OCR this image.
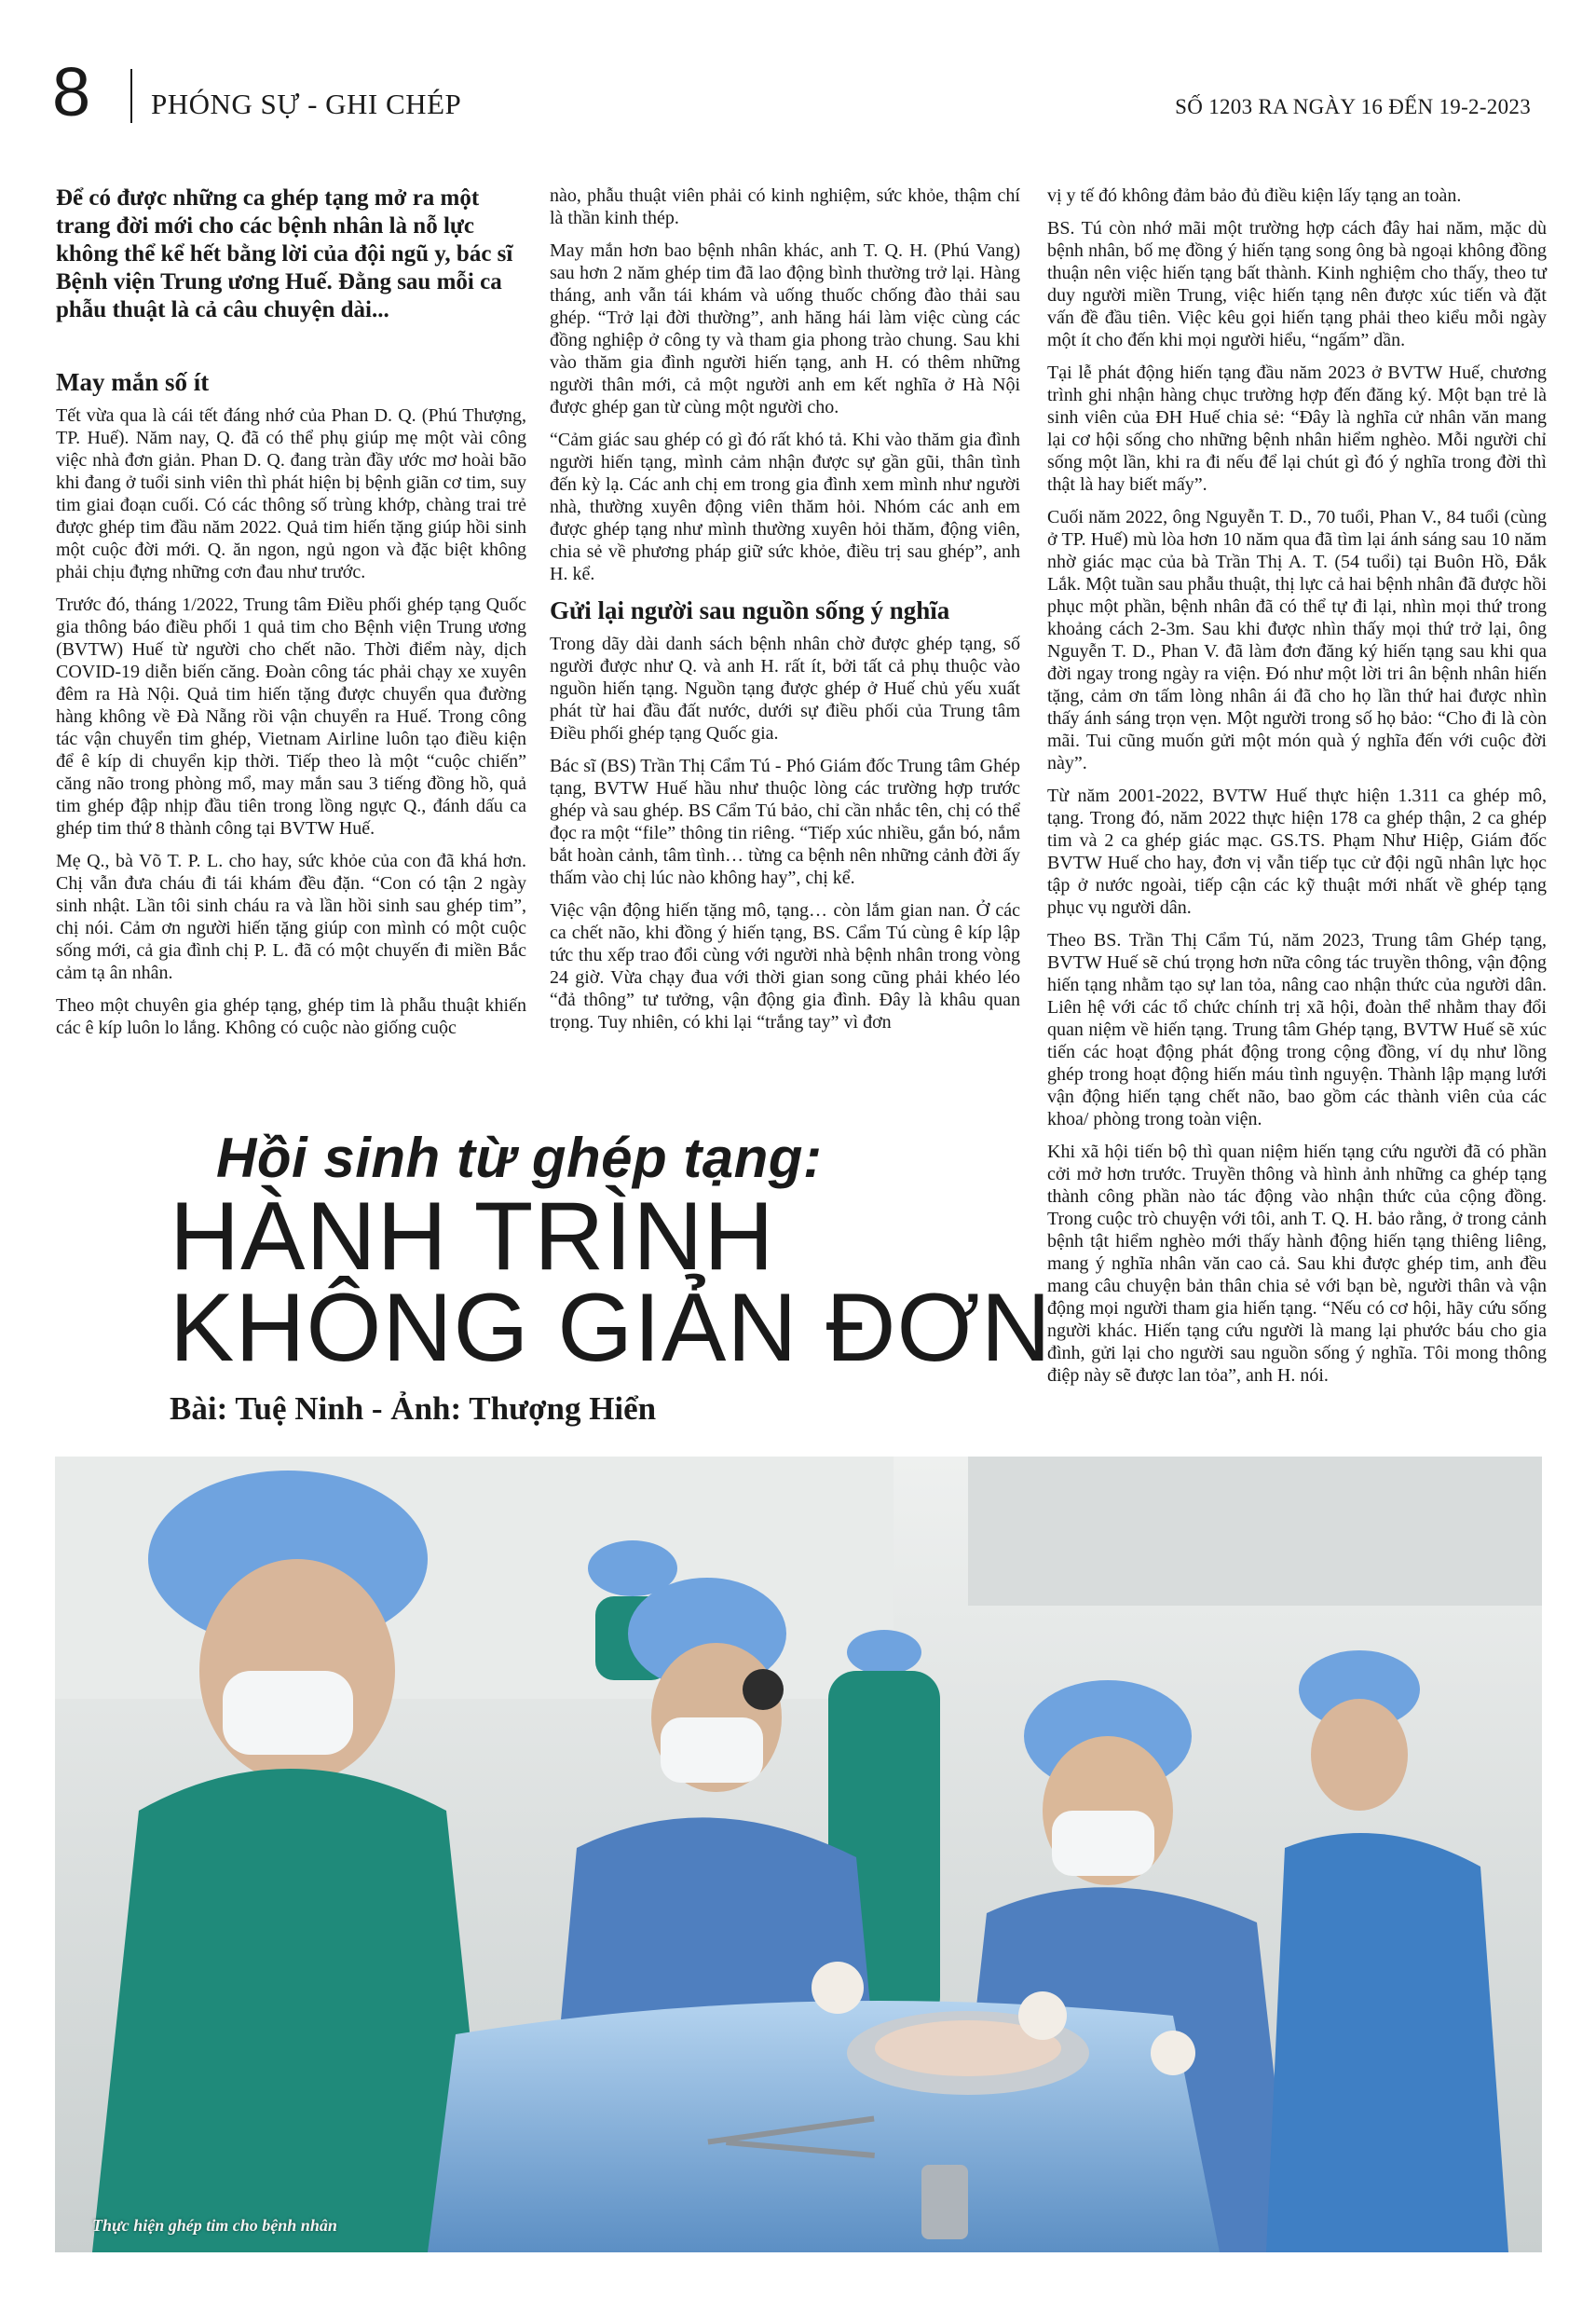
8 PHÓNG SỰ - GHI CHÉP	SỐ 1203 RA NGÀY 16 ĐẾN 19-2-2023

Để có được những ca ghép tạng mở ra một trang đời mới cho các bệnh nhân là nỗ lực không thể kể hết bằng lời của đội ngũ y, bác sĩ Bệnh viện Trung ương Huế. Đằng sau mỗi ca phẫu thuật là cả câu chuyện dài...

May mắn số ít

Tết vừa qua là cái tết đáng nhớ của Phan D. Q. (Phú Thượng, TP. Huế). Năm nay, Q. đã có thể phụ giúp mẹ một vài công việc nhà đơn giản. Phan D. Q. đang tràn đầy ước mơ hoài bão khi đang ở tuổi sinh viên thì phát hiện bị bệnh giãn cơ tim, suy tim giai đoạn cuối. Có các thông số trùng khớp, chàng trai trẻ được ghép tim đầu năm 2022. Quả tim hiến tặng giúp hồi sinh một cuộc đời mới. Q. ăn ngon, ngủ ngon và đặc biệt không phải chịu đựng những cơn đau như trước.

Trước đó, tháng 1/2022, Trung tâm Điều phối ghép tạng Quốc gia thông báo điều phối 1 quả tim cho Bệnh viện Trung ương (BVTW) Huế từ người cho chết não. Thời điểm này, dịch COVID-19 diễn biến căng. Đoàn công tác phải chạy xe xuyên đêm ra Hà Nội. Quả tim hiến tặng được chuyển qua đường hàng không về Đà Nẵng rồi vận chuyển ra Huế. Trong công tác vận chuyển tim ghép, Vietnam Airline luôn tạo điều kiện để ê kíp di chuyển kịp thời. Tiếp theo là một “cuộc chiến” căng não trong phòng mổ, may mắn sau 3 tiếng đồng hồ, quả tim ghép đập nhịp đầu tiên trong lồng ngực Q., đánh dấu ca ghép tim thứ 8 thành công tại BVTW Huế.

Mẹ Q., bà Võ T. P. L. cho hay, sức khỏe của con đã khá hơn. Chị vẫn đưa cháu đi tái khám đều đặn. “Con có tận 2 ngày sinh nhật. Lần tôi sinh cháu ra và lần hồi sinh sau ghép tim”, chị nói. Cảm ơn người hiến tặng giúp con mình có một cuộc sống mới, cả gia đình chị P. L. đã có một chuyến đi miền Bắc cảm tạ ân nhân.

Theo một chuyên gia ghép tạng, ghép tim là phẫu thuật khiến các ê kíp luôn lo lắng. Không có cuộc nào giống cuộc

nào, phẫu thuật viên phải có kinh nghiệm, sức khỏe, thậm chí là thần kinh thép.

May mắn hơn bao bệnh nhân khác, anh T. Q. H. (Phú Vang) sau hơn 2 năm ghép tim đã lao động bình thường trở lại. Hàng tháng, anh vẫn tái khám và uống thuốc chống đào thải sau ghép. “Trở lại đời thường”, anh hăng hái làm việc cùng các đồng nghiệp ở công ty và tham gia phong trào chung. Sau khi vào thăm gia đình người hiến tạng, anh H. có thêm những người thân mới, cả một người anh em kết nghĩa ở Hà Nội được ghép gan từ cùng một người cho.

“Cảm giác sau ghép có gì đó rất khó tả. Khi vào thăm gia đình người hiến tạng, mình cảm nhận được sự gần gũi, thân tình đến kỳ lạ. Các anh chị em trong gia đình xem mình như người nhà, thường xuyên động viên thăm hỏi. Nhóm các anh em được ghép tạng như mình thường xuyên hỏi thăm, động viên, chia sẻ về phương pháp giữ sức khỏe, điều trị sau ghép”, anh H. kể.

Gửi lại người sau nguồn sống ý nghĩa

Trong dãy dài danh sách bệnh nhân chờ được ghép tạng, số người được như Q. và anh H. rất ít, bởi tất cả phụ thuộc vào nguồn hiến tạng. Nguồn tạng được ghép ở Huế chủ yếu xuất phát từ hai đầu đất nước, dưới sự điều phối của Trung tâm Điều phối ghép tạng Quốc gia.

Bác sĩ (BS) Trần Thị Cẩm Tú - Phó Giám đốc Trung tâm Ghép tạng, BVTW Huế hầu như thuộc lòng các trường hợp trước ghép và sau ghép. BS Cẩm Tú bảo, chỉ cần nhắc tên, chị có thể đọc ra một “file” thông tin riêng. “Tiếp xúc nhiều, gắn bó, nắm bắt hoàn cảnh, tâm tình… từng ca bệnh nên những cảnh đời ấy thấm vào chị lúc nào không hay”, chị kể.

Việc vận động hiến tặng mô, tạng… còn lắm gian nan. Ở các ca chết não, khi đồng ý hiến tạng, BS. Cẩm Tú cùng ê kíp lập tức thu xếp trao đổi cùng với người nhà bệnh nhân trong vòng 24 giờ. Vừa chạy đua với thời gian song cũng phải khéo léo “đả thông” tư tưởng, vận động gia đình. Đây là khâu quan trọng. Tuy nhiên, có khi lại “trắng tay” vì đơn

vị y tế đó không đảm bảo đủ điều kiện lấy tạng an toàn.

BS. Tú còn nhớ mãi một trường hợp cách đây hai năm, mặc dù bệnh nhân, bố mẹ đồng ý hiến tạng song ông bà ngoại không đồng thuận nên việc hiến tạng bất thành. Kinh nghiệm cho thấy, theo tư duy người miền Trung, việc hiến tạng nên được xúc tiến và đặt vấn đề đầu tiên. Việc kêu gọi hiến tạng phải theo kiểu mỗi ngày một ít cho đến khi mọi người hiểu, “ngấm” dần.

Tại lễ phát động hiến tạng đầu năm 2023 ở BVTW Huế, chương trình ghi nhận hàng chục trường hợp đến đăng ký. Một bạn trẻ là sinh viên của ĐH Huế chia sẻ: “Đây là nghĩa cử nhân văn mang lại cơ hội sống cho những bệnh nhân hiểm nghèo. Mỗi người chỉ sống một lần, khi ra đi nếu để lại chút gì đó ý nghĩa trong đời thì thật là hay biết mấy”.

Cuối năm 2022, ông Nguyễn T. D., 70 tuổi, Phan V., 84 tuổi (cùng ở TP. Huế) mù lòa hơn 10 năm qua đã tìm lại ánh sáng sau 10 năm nhờ giác mạc của bà Trần Thị A. T. (54 tuổi) tại Buôn Hồ, Đắk Lắk. Một tuần sau phẫu thuật, thị lực cả hai bệnh nhân đã được hồi phục một phần, bệnh nhân đã có thể tự đi lại, nhìn mọi thứ trong khoảng cách 2-3m. Sau khi được nhìn thấy mọi thứ trở lại, ông Nguyễn T. D., Phan V. đã làm đơn đăng ký hiến tạng sau khi qua đời ngay trong ngày ra viện. Đó như một lời tri ân bệnh nhân hiến tặng, cảm ơn tấm lòng nhân ái đã cho họ lần thứ hai được nhìn thấy ánh sáng trọn vẹn. Một người trong số họ bảo: “Cho đi là còn mãi. Tui cũng muốn gửi một món quà ý nghĩa đến với cuộc đời này”.

Từ năm 2001-2022, BVTW Huế thực hiện 1.311 ca ghép mô, tạng. Trong đó, năm 2022 thực hiện 178 ca ghép thận, 2 ca ghép tim và 2 ca ghép giác mạc. GS.TS. Phạm Như Hiệp, Giám đốc BVTW Huế cho hay, đơn vị vẫn tiếp tục cử đội ngũ nhân lực học tập ở nước ngoài, tiếp cận các kỹ thuật mới nhất về ghép tạng phục vụ người dân.

Theo BS. Trần Thị Cẩm Tú, năm 2023, Trung tâm Ghép tạng, BVTW Huế sẽ chú trọng hơn nữa công tác truyền thông, vận động hiến tạng nhằm tạo sự lan tỏa, nâng cao nhận thức của người dân. Liên hệ với các tổ chức chính trị xã hội, đoàn thể nhằm thay đổi quan niệm về hiến tạng. Trung tâm Ghép tạng, BVTW Huế sẽ xúc tiến các hoạt động phát động trong cộng đồng, ví dụ như lồng ghép trong hoạt động hiến máu tình nguyện. Thành lập mạng lưới vận động hiến tạng chết não, bao gồm các thành viên của các khoa/ phòng trong toàn viện.

Khi xã hội tiến bộ thì quan niệm hiến tạng cứu người đã có phần cởi mở hơn trước. Truyền thông và hình ảnh những ca ghép tạng thành công phần nào tác động vào nhận thức của cộng đồng. Trong cuộc trò chuyện với tôi, anh T. Q. H. bảo rằng, ở trong cảnh bệnh tật hiểm nghèo mới thấy hành động hiến tạng thiêng liêng, mang ý nghĩa nhân văn cao cả. Sau khi được ghép tim, anh đều mang câu chuyện bản thân chia sẻ với bạn bè, người thân và vận động mọi người tham gia hiến tạng. “Nếu có cơ hội, hãy cứu sống người khác. Hiến tạng cứu người là mang lại phước báu cho gia đình, gửi lại cho người sau nguồn sống ý nghĩa. Tôi mong thông điệp này sẽ được lan tỏa”, anh H. nói.

Hồi sinh từ ghép tạng:
HÀNH TRÌNH
KHÔNG GIẢN ĐƠN
Bài: Tuệ Ninh - Ảnh: Thượng Hiển
Thực hiện ghép tim cho bệnh nhân
